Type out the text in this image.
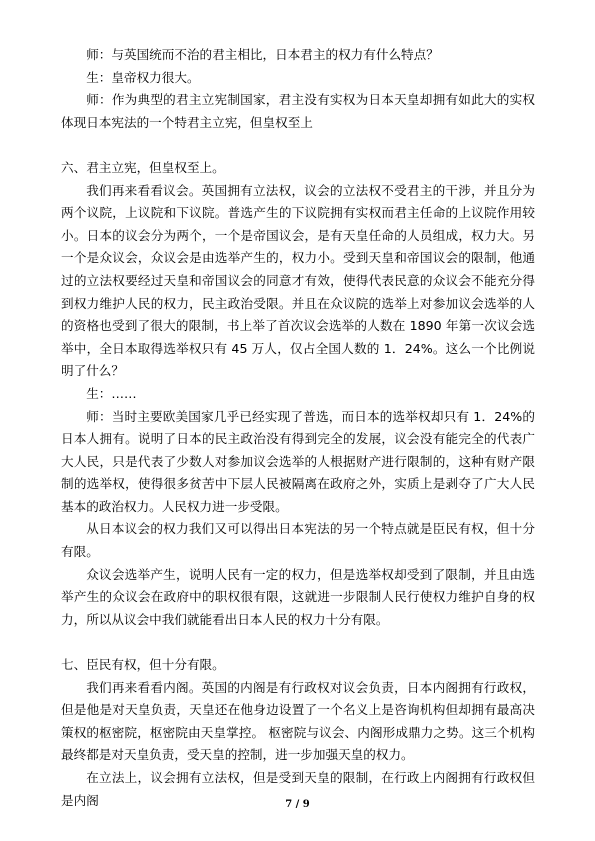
师：与英国统而不治的君主相比，日本君主的权力有什么特点？

生：皇帝权力很大。

师：作为典型的君主立宪制国家，君主没有实权为日本天皇却拥有如此大的实权体现日本宪法的一个特君主立宪，但皇权至上

六、君主立宪，但皇权至上。

我们再来看看议会。英国拥有立法权，议会的立法权不受君主的干涉，并且分为两个议院，上议院和下议院。普选产生的下议院拥有实权而君主任命的上议院作用较小。日本的议会分为两个，一个是帝国议会，是有天皇任命的人员组成，权力大。另一个是众议会，众议会是由选举产生的，权力小。受到天皇和帝国议会的限制，他通过的立法权要经过天皇和帝国议会的同意才有效，使得代表民意的众议会不能充分得到权力维护人民的权力，民主政治受限。并且在众议院的选举上对参加议会选举的人的资格也受到了很大的限制，书上举了首次议会选举的人数在 1890 年第一次议会选举中，全日本取得选举权只有 45 万人，仅占全国人数的 1．24%。这么一个比例说明了什么？

生：……

师：当时主要欧美国家几乎已经实现了普选，而日本的选举权却只有 1．24%的日本人拥有。说明了日本的民主政治没有得到完全的发展，议会没有能完全的代表广大人民，只是代表了少数人对参加议会选举的人根据财产进行限制的，这种有财产限制的选举权，使得很多贫苦中下层人民被隔离在政府之外，实质上是剥夺了广大人民基本的政治权力。人民权力进一步受限。

从日本议会的权力我们又可以得出日本宪法的另一个特点就是臣民有权，但十分有限。

众议会选举产生，说明人民有一定的权力，但是选举权却受到了限制，并且由选举产生的众议会在政府中的职权很有限，这就进一步限制人民行使权力维护自身的权力，所以从议会中我们就能看出日本人民的权力十分有限。

七、臣民有权，但十分有限。

我们再来看看内阁。英国的内阁是有行政权对议会负责，日本内阁拥有行政权，但是他是对天皇负责，天皇还在他身边设置了一个名义上是咨询机构但却拥有最高决策权的枢密院，枢密院由天皇掌控。 枢密院与议会、内阁形成鼎力之势。这三个机构最终都是对天皇负责，受天皇的控制，进一步加强天皇的权力。

在立法上，议会拥有立法权，但是受到天皇的限制，在行政上内阁拥有行政权但是内阁	7 / 9
